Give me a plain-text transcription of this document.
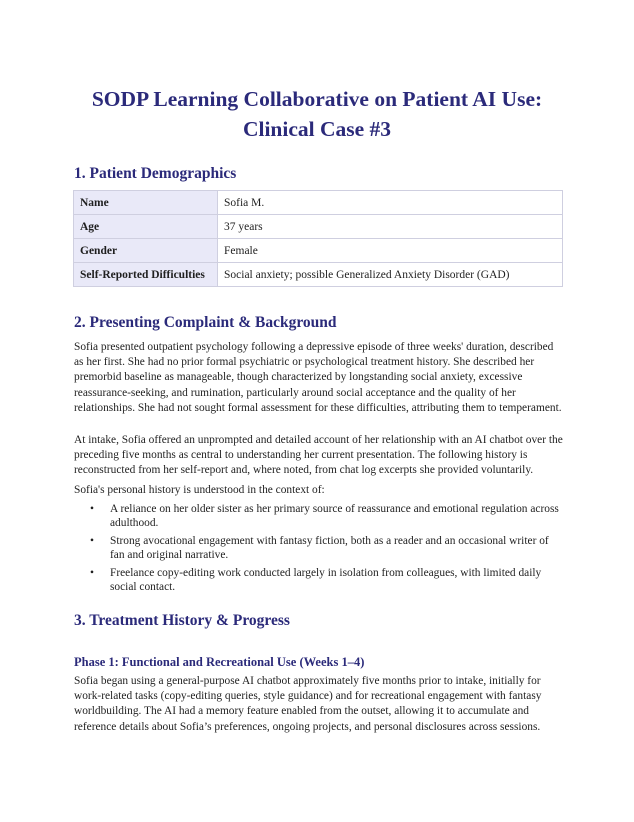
SODP Learning Collaborative on Patient AI Use:
Clinical Case #3
1. Patient Demographics
Name	Sofia M.
Age	37 years
Gender	Female
Self-Reported Difficulties	Social anxiety; possible Generalized Anxiety Disorder (GAD)
2. Presenting Complaint & Background

Sofia presented outpatient psychology following a depressive episode of three weeks' duration, described as her first. She had no prior formal psychiatric or psychological treatment history. She described her premorbid baseline as manageable, though characterized by longstanding social anxiety, excessive reassurance-seeking, and rumination, particularly around social acceptance and the quality of her relationships. She had not sought formal assessment for these difficulties, attributing them to temperament.

At intake, Sofia offered an unprompted and detailed account of her relationship with an AI chatbot over the preceding five months as central to understanding her current presentation. The following history is reconstructed from her self-report and, where noted, from chat log excerpts she provided voluntarily.

Sofia's personal history is understood in the context of:

• A reliance on her older sister as her primary source of reassurance and emotional regulation across adulthood.
• Strong avocational engagement with fantasy fiction, both as a reader and an occasional writer of fan and original narrative.
• Freelance copy-editing work conducted largely in isolation from colleagues, with limited daily social contact.
3. Treatment History & Progress
Phase 1: Functional and Recreational Use (Weeks 1–4)

Sofia began using a general-purpose AI chatbot approximately five months prior to intake, initially for work-related tasks (copy-editing queries, style guidance) and for recreational engagement with fantasy worldbuilding. The AI had a memory feature enabled from the outset, allowing it to accumulate and reference details about Sofia’s preferences, ongoing projects, and personal disclosures across sessions.
